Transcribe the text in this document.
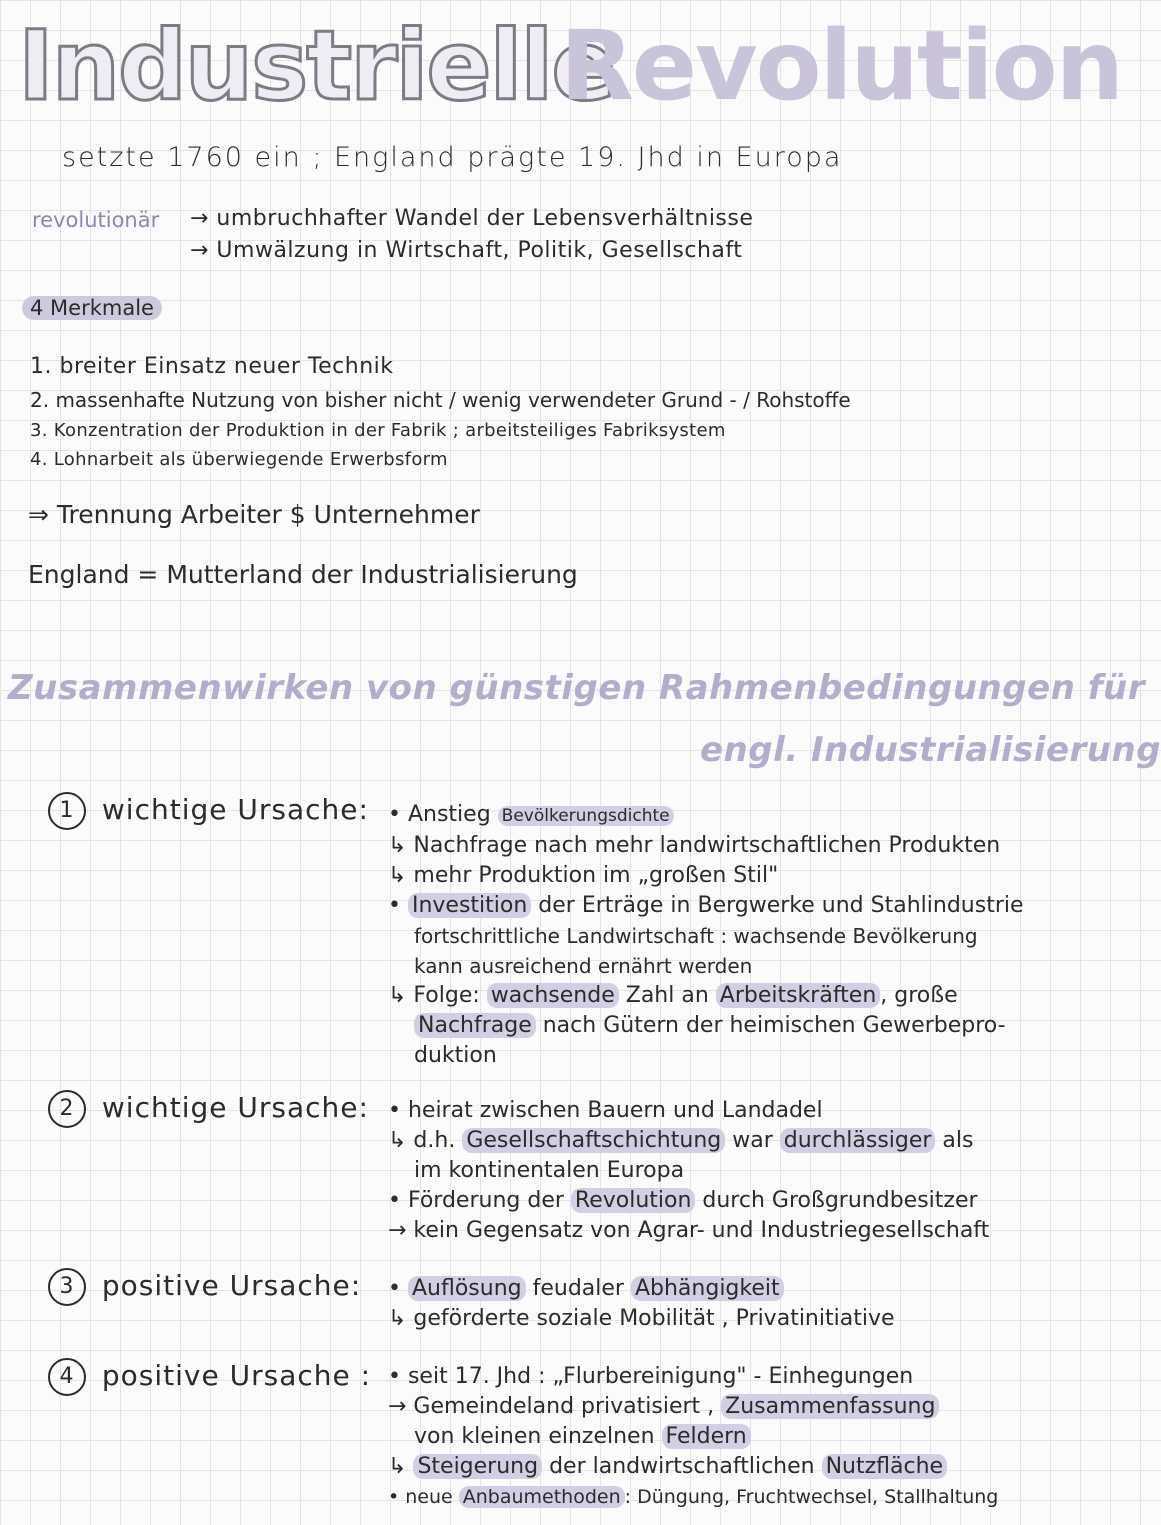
Industrielle
Revolution
setzte 1760 ein ; England prägte 19. Jhd in Europa
revolutionär → umbruchhafter Wandel der Lebensverhältnisse
→ Umwälzung in Wirtschaft, Politik, Gesellschaft
4 Merkmale
1. breiter Einsatz neuer Technik
2. massenhafte Nutzung von bisher nicht / wenig verwendeter Grund - / Rohstoffe
3. Konzentration der Produktion in der Fabrik ; arbeitsteiliges Fabriksystem
4. Lohnarbeit als überwiegende Erwerbsform
⇒ Trennung Arbeiter $ Unternehmer
England = Mutterland der Industrialisierung
Zusammenwirken von günstigen Rahmenbedingungen für
engl. Industrialisierung
1 wichtige Ursache: • Anstieg Bevölkerungsdichte
↳ Nachfrage nach mehr landwirtschaftlichen Produkten
↳ mehr Produktion im „großen Stil"
• Investition der Erträge in Bergwerke und Stahlindustrie
fortschrittliche Landwirtschaft : wachsende Bevölkerung
kann ausreichend ernährt werden
↳ Folge: wachsende Zahl an Arbeitskräften , große
Nachfrage nach Gütern der heimischen Gewerbepro-
duktion
2 wichtige Ursache: • heirat zwischen Bauern und Landadel
↳ d.h. Gesellschaftschichtung war durchlässiger als
im kontinentalen Europa
• Förderung der Revolution durch Großgrundbesitzer
→ kein Gegensatz von Agrar- und Industriegesellschaft
3 positive Ursache: • Auflösung feudaler Abhängigkeit
↳ geförderte soziale Mobilität , Privatinitiative
4 positive Ursache : • seit 17. Jhd : „Flurbereinigung" - Einhegungen
→ Gemeindeland privatisiert , Zusammenfassung
von kleinen einzelnen Feldern
↳ Steigerung der landwirtschaftlichen Nutzfläche
• neue Anbaumethoden : Düngung, Fruchtwechsel, Stallhaltung
